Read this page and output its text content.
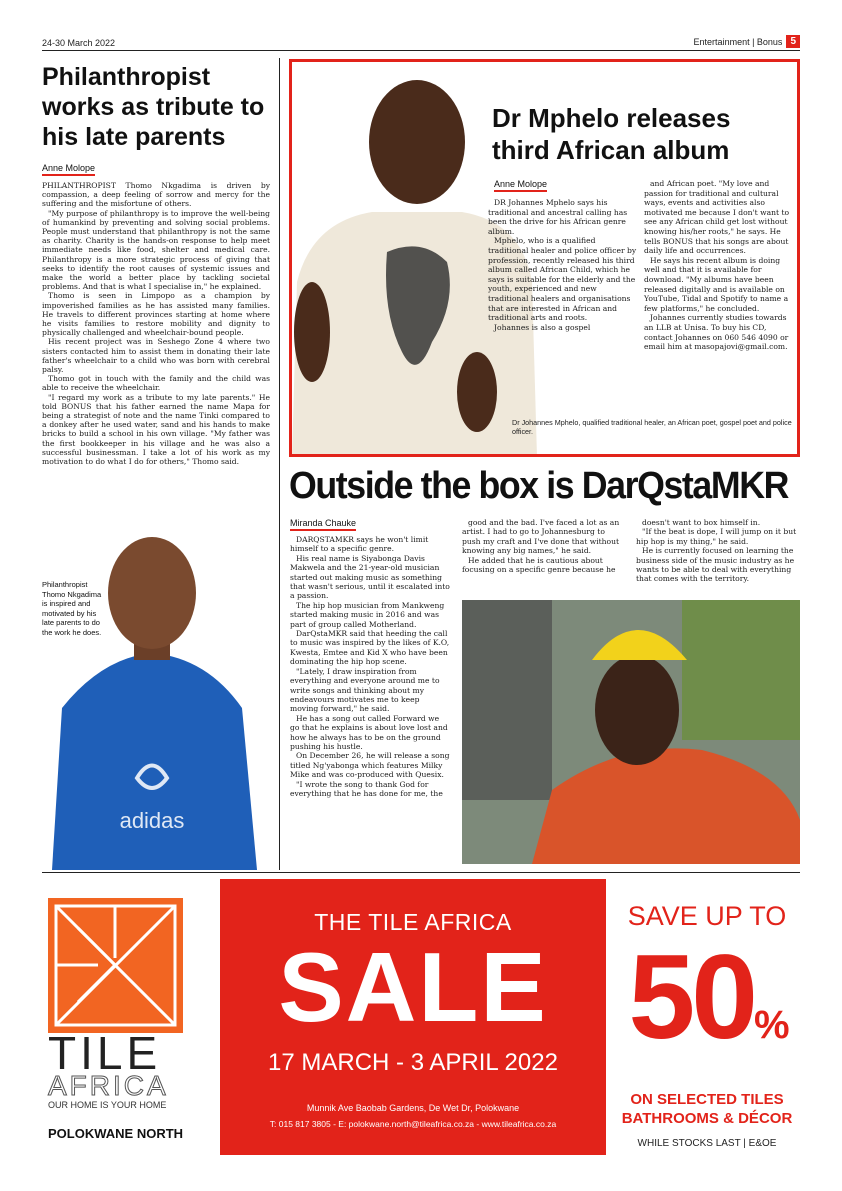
24-30 March 2022	Entertainment | Bonus 5
Philanthropist works as tribute to his late parents
Anne Molope

PHILANTHROPIST Thomo Nkgadima is driven by compassion, a deep feeling of sorrow and mercy for the suffering and the misfortune of others.

"My purpose of philanthropy is to improve the well-being of humankind by preventing and solving social problems. People must understand that philanthropy is not the same as charity. Charity is the hands-on response to help meet immediate needs like food, shelter and medical care. Philanthropy is a more strategic process of giving that seeks to identify the root causes of systemic issues and make the world a better place by tackling societal problems. And that is what I specialise in," he explained.

Thomo is seen in Limpopo as a champion by impoverished families as he has assisted many families. He travels to different provinces starting at home where he visits families to restore mobility and dignity to physically challenged and wheelchair-bound people.

His recent project was in Seshego Zone 4 where two sisters contacted him to assist them in donating their late father's wheelchair to a child who was born with cerebral palsy.

Thomo got in touch with the family and the child was able to receive the wheelchair.

"I regard my work as a tribute to my late parents." He told BONUS that his father earned the name Mapa for being a strategist of note and the name Tinki compared to a donkey after he used water, sand and his hands to make bricks to build a school in his own village. "My father was the first bookkeeper in his village and he was also a successful businessman. I take a lot of his work as my motivation to do what I do for others," Thomo said.

adidas
Philanthropist Thomo Nkgadima is inspired and motivated by his late parents to do the work he does.
Dr Mphelo releases third African album
Anne Molope

DR Johannes Mphelo says his traditional and ancestral calling has been the drive for his African genre album.

Mphelo, who is a qualified traditional healer and police officer by profession, recently released his third album called African Child, which he says is suitable for the elderly and the youth, experienced and new traditional healers and organisations that are interested in African and traditional arts and roots.

Johannes is also a gospel

and African poet. "My love and passion for traditional and cultural ways, events and activities also motivated me because I don't want to see any African child get lost without knowing his/her roots," he says. He tells BONUS that his songs are about daily life and occurrences.

He says his recent album is doing well and that it is available for download. "My albums have been released digitally and is available on YouTube, Tidal and Spotify to name a few platforms," he concluded.

Johannes currently studies towards an LLB at Unisa. To buy his CD, contact Johannes on 060 546 4090 or email him at masopajovi@gmail.com.

Dr Johannes Mphelo, qualified traditional healer, an African poet, gospel poet and police officer.
Outside the box is DarQstaMKR
Miranda Chauke

DARQSTAMKR says he won't limit himself to a specific genre.

His real name is Siyabonga Davis Makwela and the 21-year-old musician started out making music as something that wasn't serious, until it escalated into a passion.

The hip hop musician from Mankweng started making music in 2016 and was part of group called Motherland.

DarQstaMKR said that heeding the call to music was inspired by the likes of K.O, Kwesta, Emtee and Kid X who have been dominating the hip hop scene.

"Lately, I draw inspiration from everything and everyone around me to write songs and thinking about my endeavours motivates me to keep moving forward," he said.

He has a song out called Forward we go that he explains is about love lost and how he always has to be on the ground pushing his hustle.

On December 26, he will release a song titled Ng'yabonga which features Milky Mike and was co-produced with Quesix.

"I wrote the song to thank God for everything that he has done for me, the

good and the bad. I've faced a lot as an artist. I had to go to Johannesburg to push my craft and I've done that without knowing any big names," he said.

He added that he is cautious about focusing on a specific genre because he

doesn't want to box himself in.

"If the beat is dope, I will jump on it but hip hop is my thing," he said.

He is currently focused on learning the business side of the music industry as he wants to be able to deal with everything that comes with the territory.

TILE
AFRICA
OUR HOME IS YOUR HOME
POLOKWANE NORTH
THE TILE AFRICA
SALE
17 MARCH - 3 APRIL 2022
Munnik Ave Baobab Gardens, De Wet Dr, Polokwane
T: 015 817 3805 - E: polokwane.north@tileafrica.co.za - www.tileafrica.co.za
SAVE UP TO
50%
ON SELECTED TILES
BATHROOMS & DÉCOR
WHILE STOCKS LAST | E&OE
